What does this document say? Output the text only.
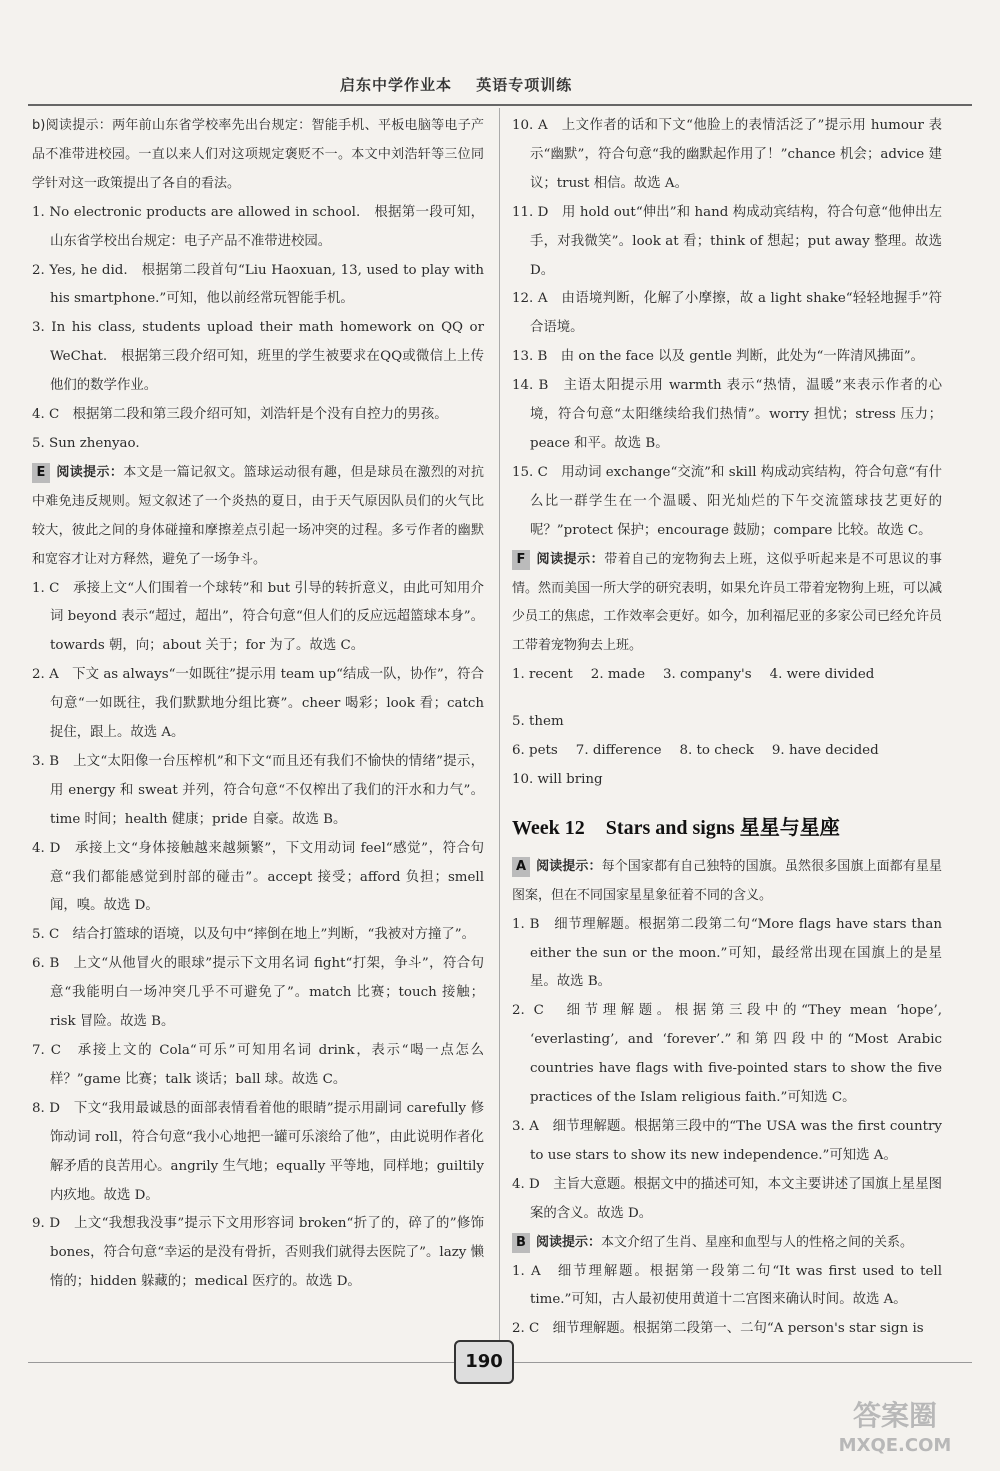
启东中学作业本 英语专项训练

b)阅读提示：两年前山东省学校率先出台规定：智能手机、平板电脑等电子产品不准带进校园。一直以来人们对这项规定褒贬不一。本文中刘浩轩等三位同学针对这一政策提出了各自的看法。

1. No electronic products are allowed in school.　根据第一段可知，山东省学校出台规定：电子产品不准带进校园。

2. Yes, he did.　根据第二段首句“Liu Haoxuan, 13, used to play with his smartphone.”可知，他以前经常玩智能手机。

3. In his class, students upload their math homework on QQ or WeChat.　根据第三段介绍可知，班里的学生被要求在QQ或微信上上传他们的数学作业。

4. C　根据第二段和第三段介绍可知，刘浩轩是个没有自控力的男孩。

5. Sun zhenyao.

E 阅读提示：本文是一篇记叙文。篮球运动很有趣，但是球员在激烈的对抗中难免违反规则。短文叙述了一个炎热的夏日，由于天气原因队员们的火气比较大，彼此之间的身体碰撞和摩擦差点引起一场冲突的过程。多亏作者的幽默和宽容才让对方释然，避免了一场争斗。

1. C　承接上文“人们围着一个球转”和 but 引导的转折意义，由此可知用介词 beyond 表示“超过，超出”，符合句意“但人们的反应远超篮球本身”。towards 朝，向；about 关于；for 为了。故选 C。

2. A　下文 as always“一如既往”提示用 team up“结成一队，协作”，符合句意“一如既往，我们默默地分组比赛”。cheer 喝彩；look 看；catch 捉住，跟上。故选 A。

3. B　上文“太阳像一台压榨机”和下文“而且还有我们不愉快的情绪”提示，用 energy 和 sweat 并列，符合句意“不仅榨出了我们的汗水和力气”。time 时间；health 健康；pride 自豪。故选 B。

4. D　承接上文“身体接触越来越频繁”，下文用动词 feel“感觉”，符合句意“我们都能感觉到肘部的碰击”。accept 接受；afford 负担；smell 闻，嗅。故选 D。

5. C　结合打篮球的语境，以及句中“摔倒在地上”判断，“我被对方撞了”。

6. B　上文“从他冒火的眼球”提示下文用名词 fight“打架，争斗”，符合句意“我能明白一场冲突几乎不可避免了”。match 比赛；touch 接触；risk 冒险。故选 B。

7. C　承接上文的 Cola“可乐”可知用名词 drink，表示“喝一点怎么样？”game 比赛；talk 谈话；ball 球。故选 C。

8. D　下文“我用最诚恳的面部表情看着他的眼睛”提示用副词 carefully 修饰动词 roll，符合句意“我小心地把一罐可乐滚给了他”，由此说明作者化解矛盾的良苦用心。angrily 生气地；equally 平等地，同样地；guiltily 内疚地。故选 D。

9. D　上文“我想我没事”提示下文用形容词 broken“折了的，碎了的”修饰 bones，符合句意“幸运的是没有骨折，否则我们就得去医院了”。lazy 懒惰的；hidden 躲藏的；medical 医疗的。故选 D。

10. A　上文作者的话和下文“他脸上的表情活泛了”提示用 humour 表示“幽默”，符合句意“我的幽默起作用了！”chance 机会；advice 建议；trust 相信。故选 A。

11. D　用 hold out“伸出”和 hand 构成动宾结构，符合句意“他伸出左手，对我微笑”。look at 看；think of 想起；put away 整理。故选 D。

12. A　由语境判断，化解了小摩擦，故 a light shake“轻轻地握手”符合语境。

13. B　由 on the face 以及 gentle 判断，此处为“一阵清风拂面”。

14. B　主语太阳提示用 warmth 表示“热情，温暖”来表示作者的心境，符合句意“太阳继续给我们热情”。worry 担忧；stress 压力；peace 和平。故选 B。

15. C　用动词 exchange“交流”和 skill 构成动宾结构，符合句意“有什么比一群学生在一个温暖、阳光灿烂的下午交流篮球技艺更好的呢？”protect 保护；encourage 鼓励；compare 比较。故选 C。

F 阅读提示：带着自己的宠物狗去上班，这似乎听起来是不可思议的事情。然而美国一所大学的研究表明，如果允许员工带着宠物狗上班，可以减少员工的焦虑，工作效率会更好。如今，加利福尼亚的多家公司已经允许员工带着宠物狗去上班。

1. recent 2. made 3. company's 4. were divided
5. them
6. pets 7. difference 8. to check 9. have decided
10. will bring
Week 12 Stars and signs 星星与星座

A 阅读提示：每个国家都有自己独特的国旗。虽然很多国旗上面都有星星图案，但在不同国家星星象征着不同的含义。

1. B　细节理解题。根据第二段第二句“More flags have stars than either the sun or the moon.”可知，最经常出现在国旗上的是星星。故选 B。

2. C　细节理解题。根据第三段中的“They mean ‘hope’, ‘everlasting’, and ‘forever’.”和第四段中的“Most Arabic countries have flags with five-pointed stars to show the five practices of the Islam religious faith.”可知选 C。

3. A　细节理解题。根据第三段中的“The USA was the first country to use stars to show its new independence.”可知选 A。

4. D　主旨大意题。根据文中的描述可知，本文主要讲述了国旗上星星图案的含义。故选 D。

B 阅读提示：本文介绍了生肖、星座和血型与人的性格之间的关系。

1. A　细节理解题。根据第一段第二句“It was first used to tell time.”可知，古人最初使用黄道十二宫图来确认时间。故选 A。

2. C　细节理解题。根据第二段第一、二句“A person's star sign is

190
答案圈
MXQE.COM
